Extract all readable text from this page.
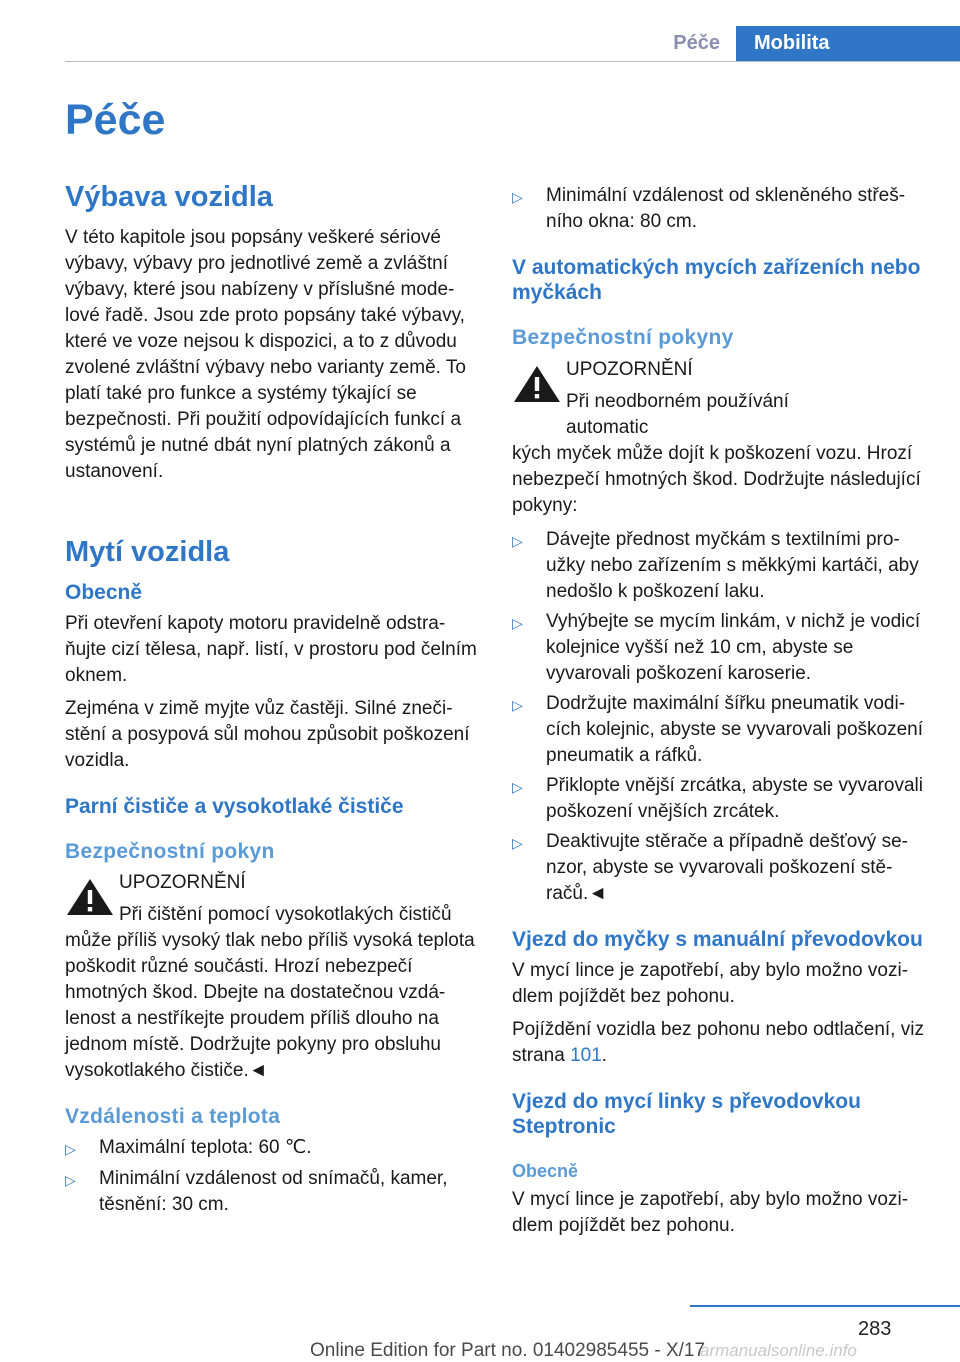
Péče	Mobilita
Péče
Výbava vozidla

V této kapitole jsou popsány veškeré sériové výbavy, výbavy pro jednotlivé země a zvláštní výbavy, které jsou nabízeny v příslušné modelové řadě. Jsou zde proto popsány také výbavy, které ve voze nejsou k dispozici, a to z důvodu zvolené zvláštní výbavy nebo varianty země. To platí také pro funkce a systémy týkající se bezpečnosti. Při použití odpovídajících funkcí a systémů je nutné dbát nyní platných zákonů a ustanovení.

Mytí vozidla
Obecně

Při otevření kapoty motoru pravidelně odstraňujte cizí tělesa, např. listí, v prostoru pod čelním oknem.

Zejména v zimě myjte vůz častěji. Silné znečistění a posypová sůl mohou způsobit poškození vozidla.

Parní čističe a vysokotlaké čističe
Bezpečnostní pokyn
UPOZORNĚNÍ
Při čištění pomocí vysokotlakých čističů
může příliš vysoký tlak nebo příliš vysoká teplota poškodit různé součásti. Hrozí nebezpečí hmotných škod. Dbejte na dostatečnou vzdálenost a nestříkejte proudem příliš dlouho na jednom místě. Dodržujte pokyny pro obsluhu vysokotlakého čističe.◄
Vzdálenosti a teplota
▷	Maximální teplota: 60 ℃.
▷	Minimální vzdálenost od snímačů, kamer, těsnění: 30 cm.
▷	Minimální vzdálenost od skleněného střešního okna: 80 cm.
V automatických mycích zařízeních nebo myčkách
Bezpečnostní pokyny
UPOZORNĚNÍ
Při neodborném používání automatic
kých myček může dojít k poškození vozu. Hrozí nebezpečí hmotných škod. Dodržujte následující pokyny:
▷	Dávejte přednost myčkám s textilními proužky nebo zařízením s měkkými kartáči, aby nedošlo k poškození laku.
▷	Vyhýbejte se mycím linkám, v nichž je vodicí kolejnice vyšší než 10 cm, abyste se vyvarovali poškození karoserie.
▷	Dodržujte maximální šířku pneumatik vodicích kolejnic, abyste se vyvarovali poškození pneumatik a ráfků.
▷	Přiklopte vnější zrcátka, abyste se vyvarovali poškození vnějších zrcátek.
▷	Deaktivujte stěrače a případně dešťový senzor, abyste se vyvarovali poškození stěračů.◄
Vjezd do myčky s manuální převodovkou

V mycí lince je zapotřebí, aby bylo možno vozidlem pojíždět bez pohonu.

Pojíždění vozidla bez pohonu nebo odtlačení, viz strana 101.

Vjezd do mycí linky s převodovkou Steptronic
Obecně

V mycí lince je zapotřebí, aby bylo možno vozidlem pojíždět bez pohonu.

283
armanualsonline.info
Online Edition for Part no. 01402985455 - X/17
